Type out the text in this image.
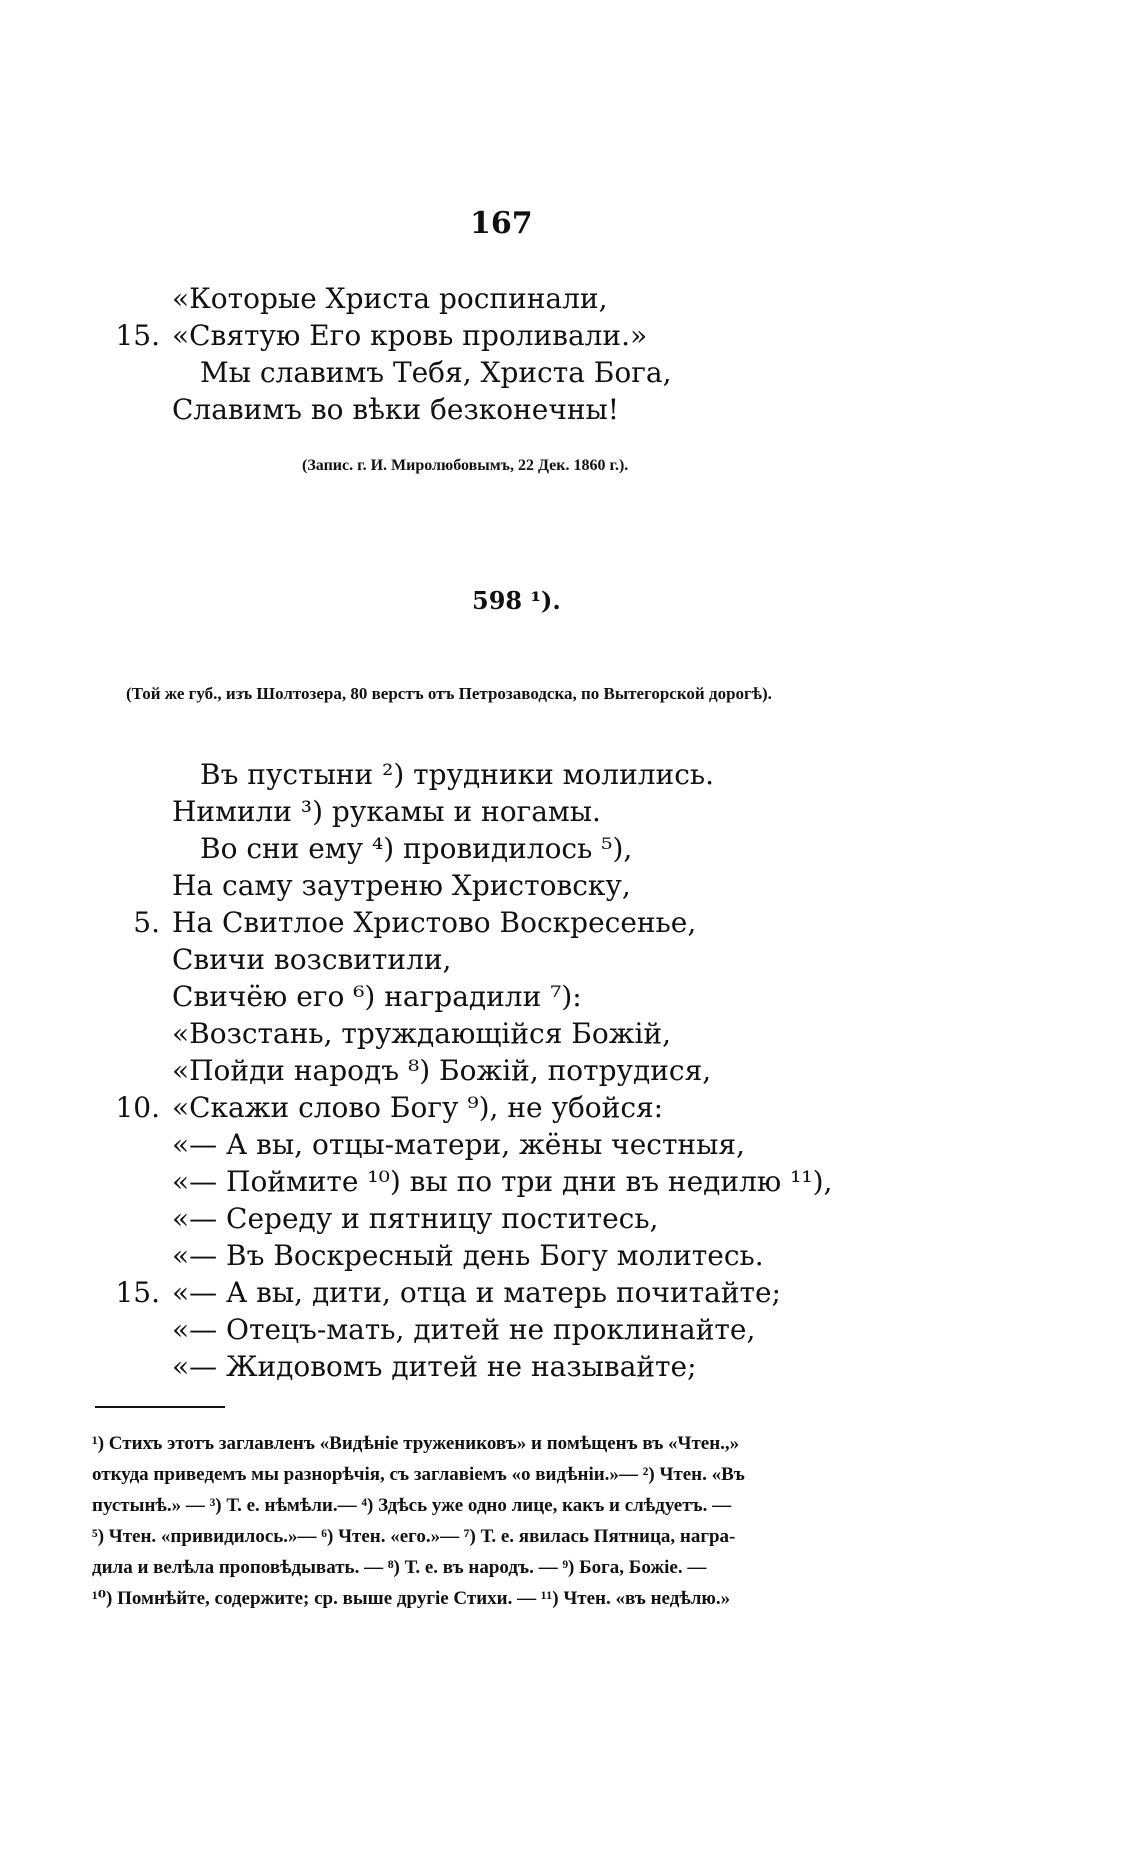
167
«Которые Христа роспинали,
15. «Святую Его кровь проливали.»
Мы славимъ Тебя, Христа Бога,
Славимъ во вѣки безконечны!
(Запис. г. И. Миролюбовымъ, 22 Дек. 1860 г.).
598 ¹).
(Той же губ., изъ Шолтозера, 80 верстъ отъ Петрозаводска, по Вытегорской дорогѣ).
Въ пустыни ²) трудники молились.
Нимили ³) рукамы и ногамы.
Во сни ему ⁴) провидилось ⁵),
На саму заутреню Христовску,
5. На Свитлое Христово Воскресенье,
Свичи возсвитили,
Свичёю его ⁶) наградили ⁷):
«Возстань, труждающійся Божій,
«Пойди народъ ⁸) Божій, потрудися,
10. «Скажи слово Богу ⁹), не убойся:
«— А вы, отцы-матери, жёны честныя,
«— Поймите ¹⁰) вы по три дни въ недилю ¹¹),
«— Середу и пятницу поститесь,
«— Въ Воскресный день Богу молитесь.
15. «— А вы, дити, отца и матерь почитайте;
«— Отецъ-мать, дитей не проклинайте,
«— Жидовомъ дитей не называйте;
¹) Стихъ этотъ заглавленъ «Видѣніе тружениковъ» и помѣщенъ въ «Чтен.,»
откуда приведемъ мы разнорѣчія, съ заглавіемъ «о видѣніи.»— ²) Чтен. «Въ
пустынѣ.» — ³) Т. е. нѣмѣли.— ⁴) Здѣсь уже одно лице, какъ и слѣдуетъ. —
⁵) Чтен. «привидилось.»— ⁶) Чтен. «его.»— ⁷) Т. е. явилась Пятница, награ-
дила и велѣла проповѣдывать. — ⁸) Т. е. въ народъ. — ⁹) Бога, Божіе. —
¹⁰) Помнѣйте, содержите; ср. выше другіе Стихи. — ¹¹) Чтен. «въ недѣлю.»
